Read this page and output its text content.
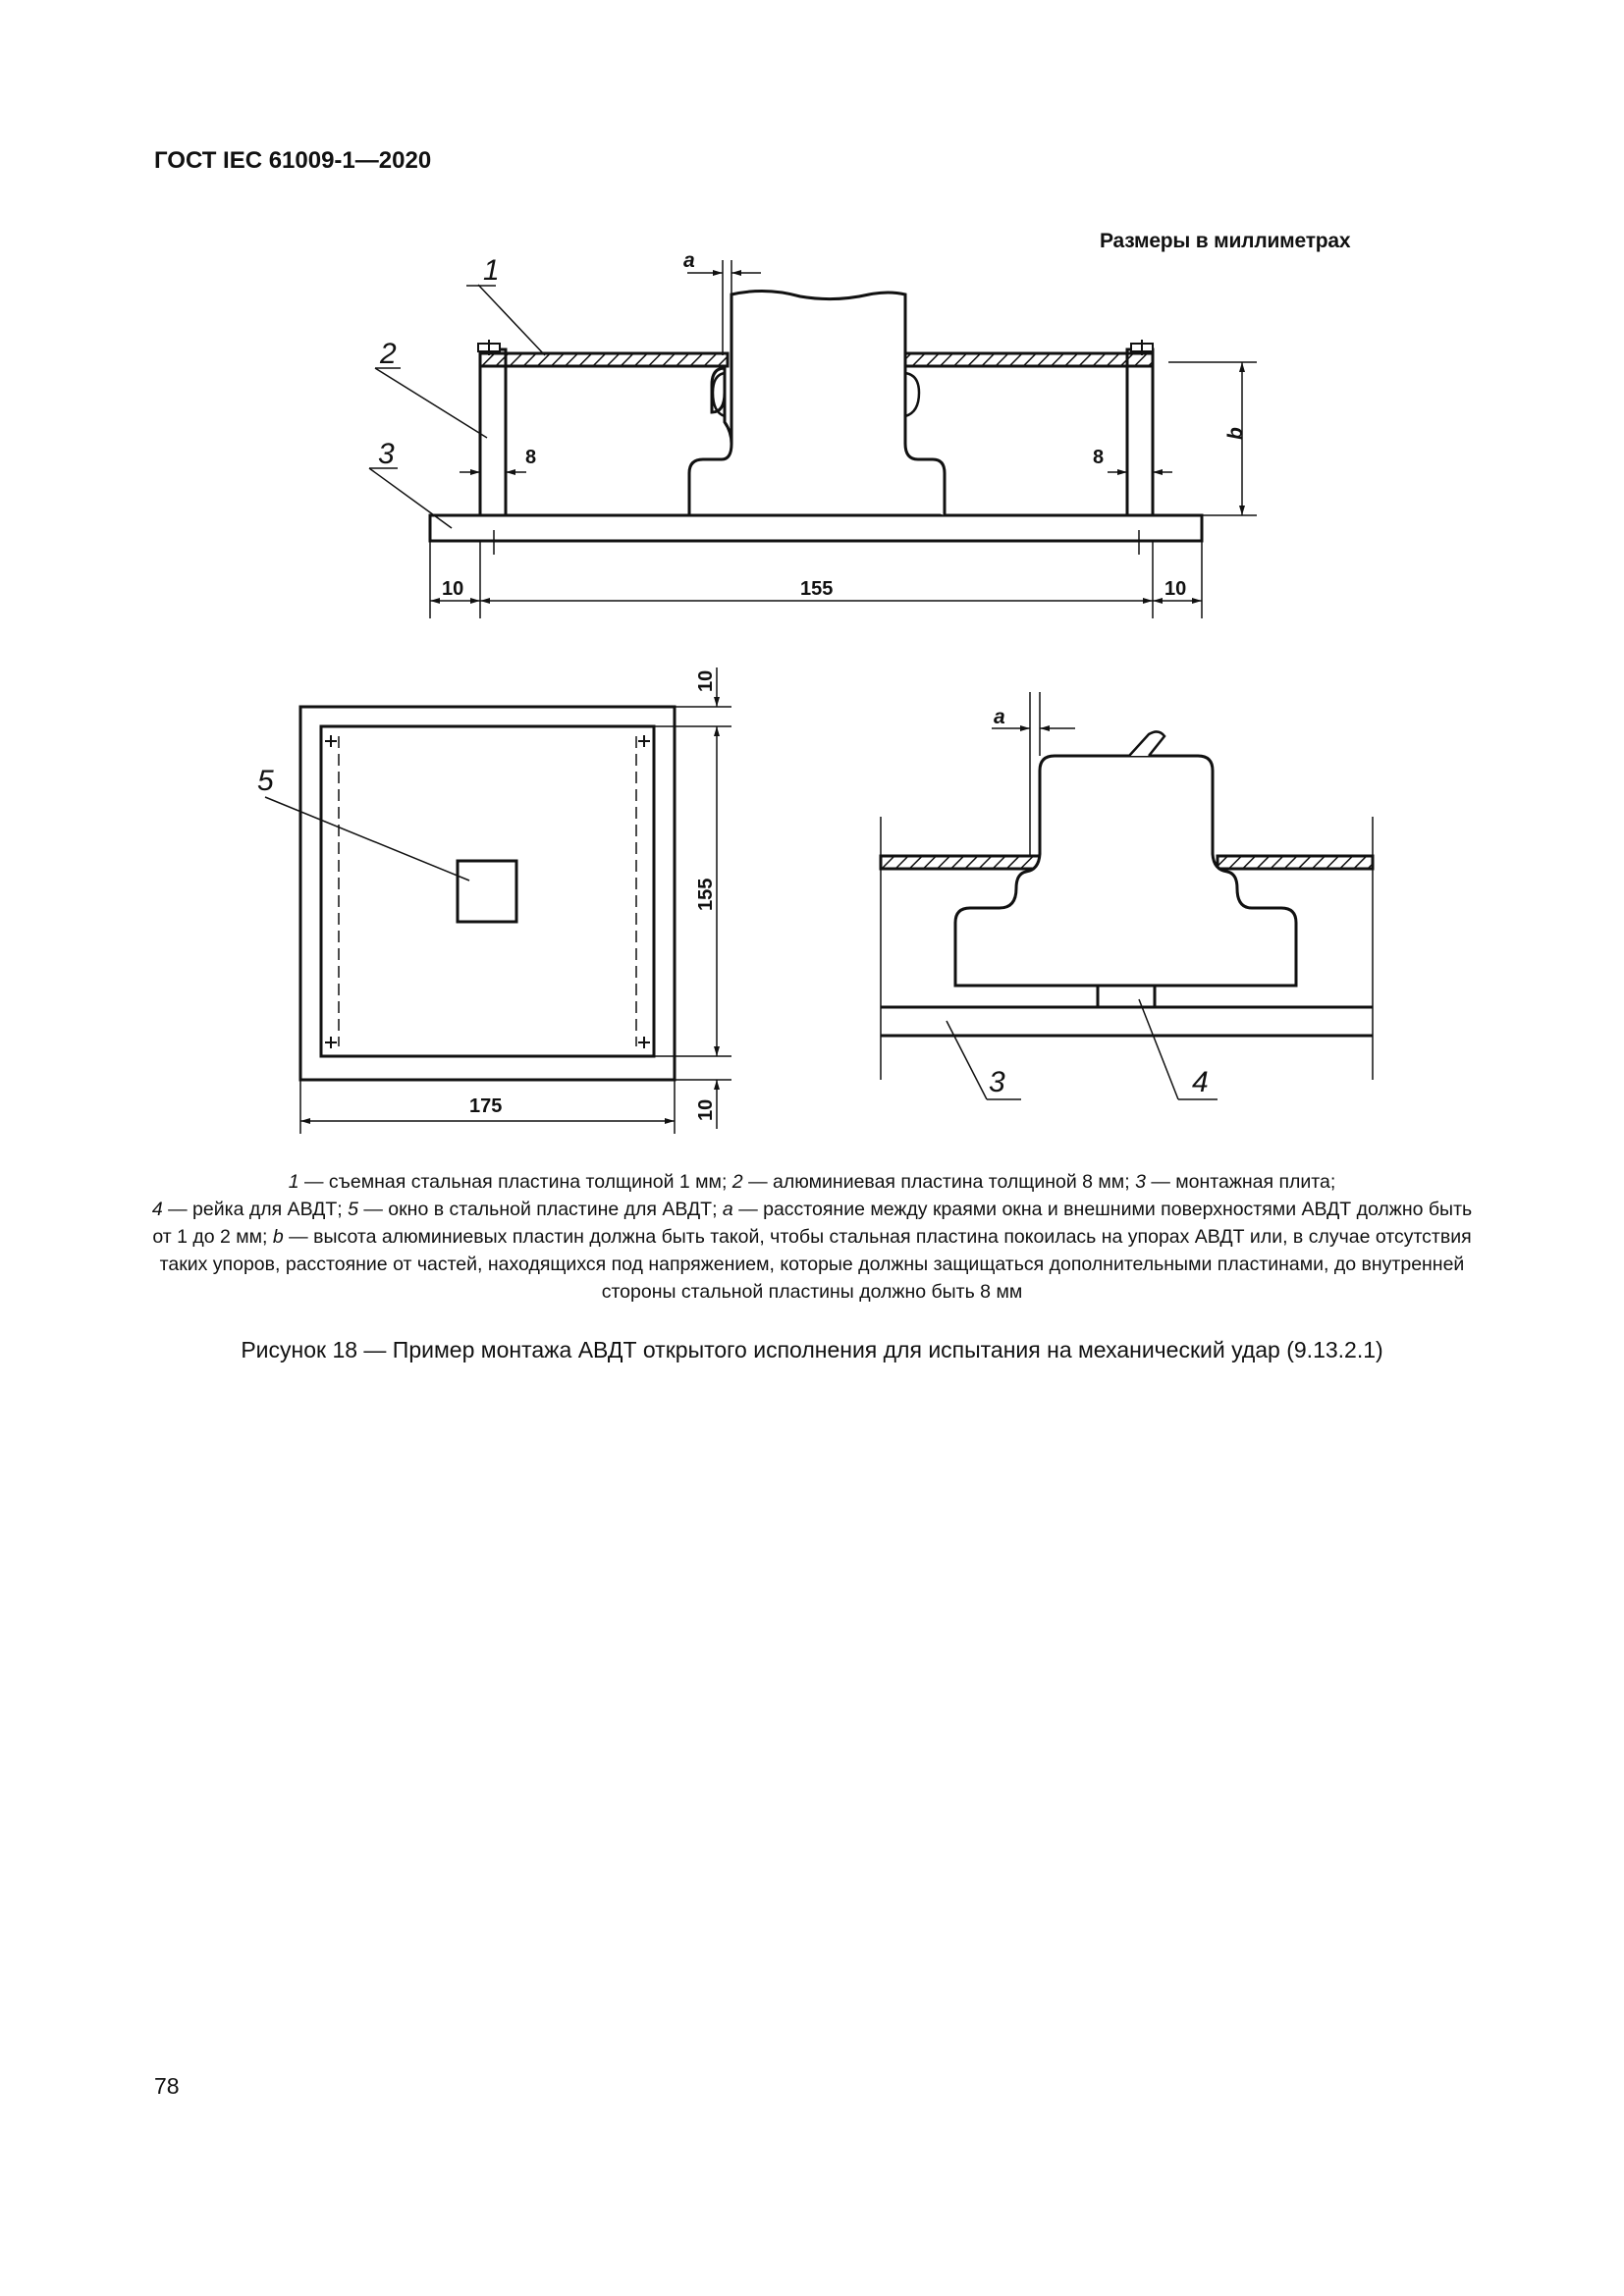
ГОСТ IEC 61009-1—2020
Размеры в миллиметрах
1
2
3
a
b
8	8
10	155	10
5
10
155
10
175
a
3	4
1 — съемная стальная пластина толщиной 1 мм; 2 — алюминиевая пластина толщиной 8 мм; 3 — монтажная плита;
4 — рейка для АВДТ; 5 — окно в стальной пластине для АВДТ; a — расстояние между краями окна и внешними поверхностями АВДТ должно быть от 1 до 2 мм; b — высота алюминиевых пластин должна быть такой, чтобы стальная пластина покоилась на упорах АВДТ или, в случае отсутствия таких упоров, расстояние от частей, находящихся под напряжением, которые должны защищаться дополнительными пластинами, до внутренней стороны стальной пластины должно быть 8 мм
Рисунок 18 — Пример монтажа АВДТ открытого исполнения для испытания на механический удар (9.13.2.1)
78
